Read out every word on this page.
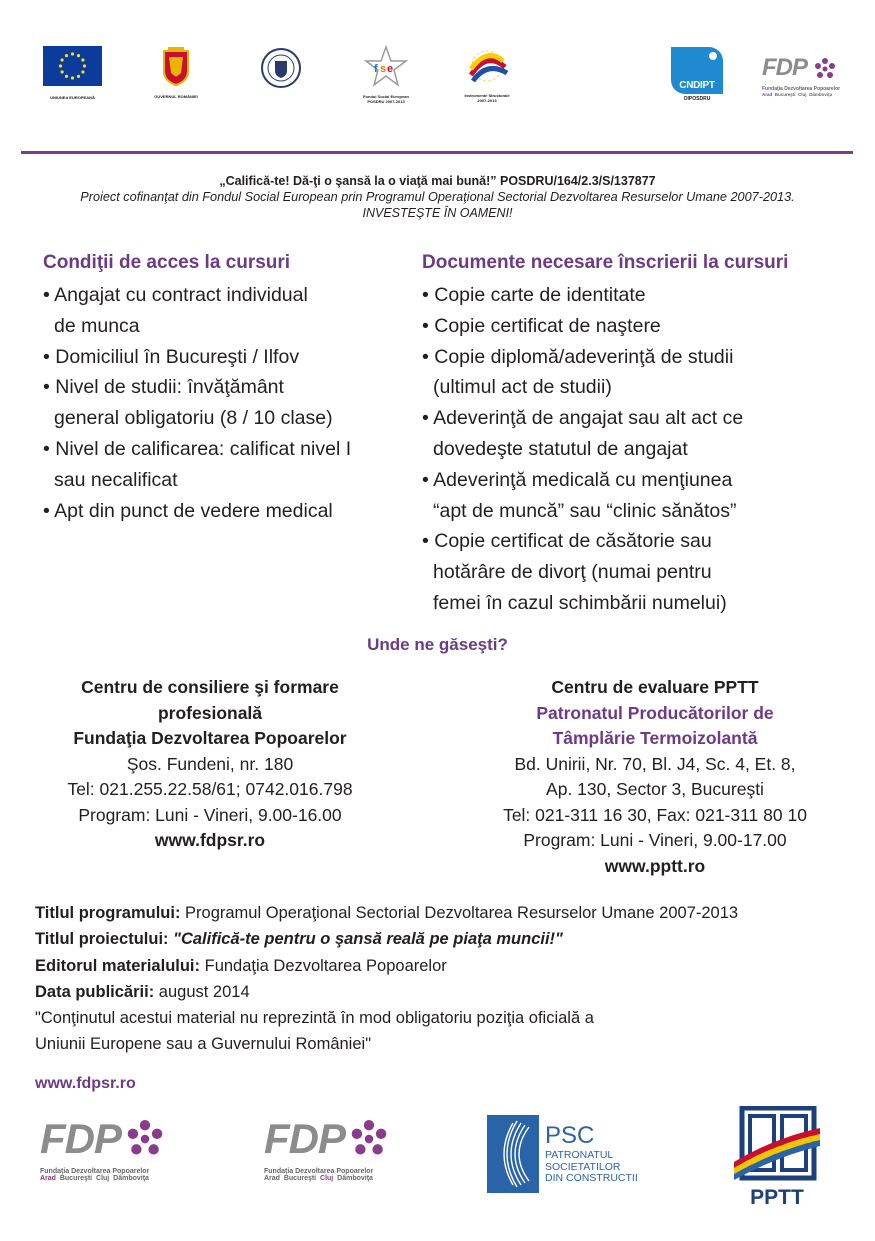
UNIUNEA EUROPEANĂ	GUVERNUL ROMÂNIEI
f s e
Fondul Social European
POSDRU 2007-2013
Instrumente Structurale
2007-2013
CNDIPT
OIPOSDRU
FDP
Fundaţia Dezvoltarea Popoarelor
Arad Bucureşti Cluj Dâmboviţa
„Califică-te! Dă-ţi o şansă la o viaţă mai bună!” POSDRU/164/2.3/S/137877
Proiect cofinanţat din Fondul Social European prin Programul Operaţional Sectorial Dezvoltarea Resurselor Umane 2007-2013.
INVESTEŞTE ÎN OAMENI!
Condiţii de acces la cursuri
• Angajat cu contract individual
de munca
• Domiciliul în Bucureşti / Ilfov
• Nivel de studii: învăţământ
general obligatoriu (8 / 10 clase)
• Nivel de calificarea: calificat nivel I
sau necalificat
• Apt din punct de vedere medical
Documente necesare înscrierii la cursuri
• Copie carte de identitate
• Copie certificat de naştere
• Copie diplomă/adeverinţă de studii
(ultimul act de studii)
• Adeverinţă de angajat sau alt act ce
dovedeşte statutul de angajat
• Adeverinţă medicală cu menţiunea
“apt de muncă” sau “clinic sănătos”
• Copie certificat de căsătorie sau
hotărâre de divorţ (numai pentru
femei în cazul schimbării numelui)
Unde ne găseşti?
Centru de consiliere şi formare
profesională
Fundaţia Dezvoltarea Popoarelor
Şos. Fundeni, nr. 180
Tel: 021.255.22.58/61; 0742.016.798
Program: Luni - Vineri, 9.00-16.00
www.fdpsr.ro
Centru de evaluare PPTT
Patronatul Producătorilor de
Tâmplărie Termoizolantă
Bd. Unirii, Nr. 70, Bl. J4, Sc. 4, Et. 8,
Ap. 130, Sector 3, Bucureşti
Tel: 021-311 16 30, Fax: 021-311 80 10
Program: Luni - Vineri, 9.00-17.00
www.pptt.ro
Titlul programului: Programul Operaţional Sectorial Dezvoltarea Resurselor Umane 2007-2013
Titlul proiectului: "Califică-te pentru o şansă reală pe piaţa muncii!"
Editorul materialului: Fundaţia Dezvoltarea Popoarelor
Data publicării: august 2014
"Conţinutul acestui material nu reprezintă în mod obligatoriu poziţia oficială a
Uniunii Europene sau a Guvernului României"
www.fdpsr.ro
FDP
Fundaţia Dezvoltarea Popoarelor
Arad Bucureşti Cluj Dâmboviţa
FDP
Fundaţia Dezvoltarea Popoarelor
Arad Bucureşti Cluj Dâmboviţa
PSC
PATRONATUL
SOCIETATILOR
DIN CONSTRUCTII
PPTT
